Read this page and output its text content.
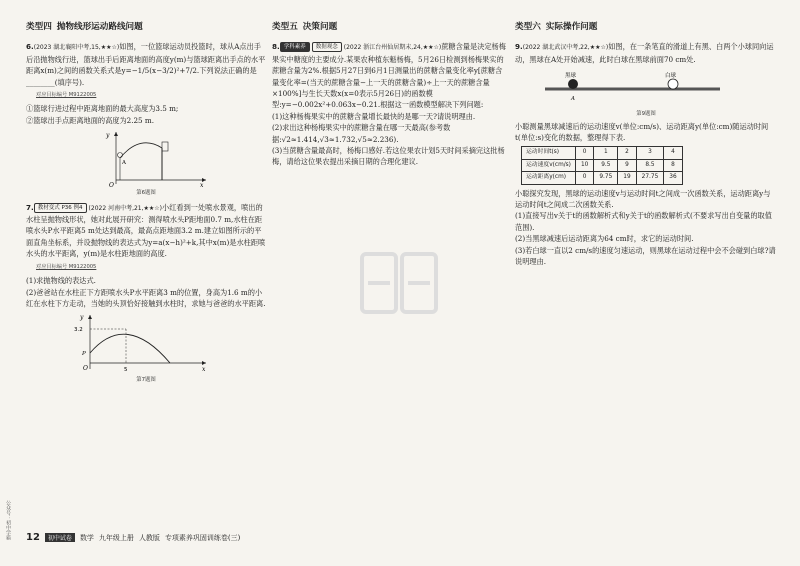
类型四 抛物线形运动路线问题

6.(2023 湖北襄阳中考,15,★★☆)如图，一位篮球运动员投篮时，球从A点出手后沿抛物线行进，篮球出手后距离地面的高度y(m)与篮球距离出手点的水平距离x(m)之间的函数关系式是y=−1/5(x−3/2)²+7/2.下列说法正确的是________(填序号).

对应目标编号 M9122005

①篮球行进过程中距离地面的最大高度为3.5 m;

②篮球出手点距离地面的高度为2.25 m.

y
O	x
A
第6题图

7. 教材变式 P36 例4 (2022 河南中考,21,★★☆)小红看到一处喷水景观，喷出的水柱呈抛物线形状，她对此展开研究：测得喷水头P距地面0.7 m,水柱在距喷水头P水平距离5 m处达到最高，最高点距地面3.2 m.建立如图所示的平面直角坐标系，并设抛物线的表达式为y=a(x−h)²+k,其中x(m)是水柱距喷水头的水平距离，y(m)是水柱距地面的高度.

对应目标编号 M9122005

(1)求抛物线的表达式.

(2)爸爸站在水柱正下方距喷水头P水平距离3 m的位置，身高为1.6 m的小红在水柱下方走动，当她的头顶恰好接触到水柱时，求她与爸爸的水平距离.

y
3.2
P
O	5	x
第7题图
类型五 决策问题

8. 学科素养 数据观念 (2022 浙江台州仙居期末,24,★★☆)蔗糖含量是决定杨梅果实中糖度的主要成分.某果农种植东魁杨梅，5月26日检测到杨梅果实的蔗糖含量为2%.根据5月27日到6月1日测量出的蔗糖含量变化率y[蔗糖含量变化率=(当天的蔗糖含量−上一天的蔗糖含量)÷上一天的蔗糖含量×100%]与生长天数x(x=0表示5月26日)的函数模型:y=−0.002x²+0.063x−0.21.根据这一函数模型解决下列问题:

(1)这种杨梅果实中的蔗糖含量增长最快的是哪一天?请说明理由.

(2)求出这种杨梅果实中的蔗糖含量在哪一天最高(参考数据:√2≈1.414,√3≈1.732,√5≈2.236).

(3)当蔗糖含量最高时，杨梅口感好.若这位果农计划5天时间采摘完这批杨梅，请给这位果农提出采摘日期的合理化建议.

类型六 实际操作问题

9.(2022 湖北武汉中考,22,★★☆)如图，在一条笔直的滑道上有黑、白两个小球同向运动，黑球在A处开始减速，此时白球在黑球前面70 cm处.

黑球	白球
A
第9题图

小聪测量黑球减速后的运动速度v(单位:cm/s)、运动距离y(单位:cm)随运动时间t(单位:s)变化的数据，整理得下表.

运动时间t(s)	0	1	2	3	4
运动速度v(cm/s)	10	9.5	9	8.5	8
运动距离y(cm)	0	9.75	19	27.75	36

小聪探究发现，黑球的运动速度v与运动时间t之间成一次函数关系，运动距离y与运动时间t之间成二次函数关系.

(1)直接写出v关于t的函数解析式和y关于t的函数解析式(不要求写出自变量的取值范围).

(2)当黑球减速后运动距离为64 cm时，求它的运动时间.

(3)若白球一直以2 cm/s的速度匀速运动，则黑球在运动过程中会不会碰到白球?请说明理由.

公众号：初中学霸 12	初中试卷	数学 九年级上册 人教版 专项素养巩固训练卷(三)
